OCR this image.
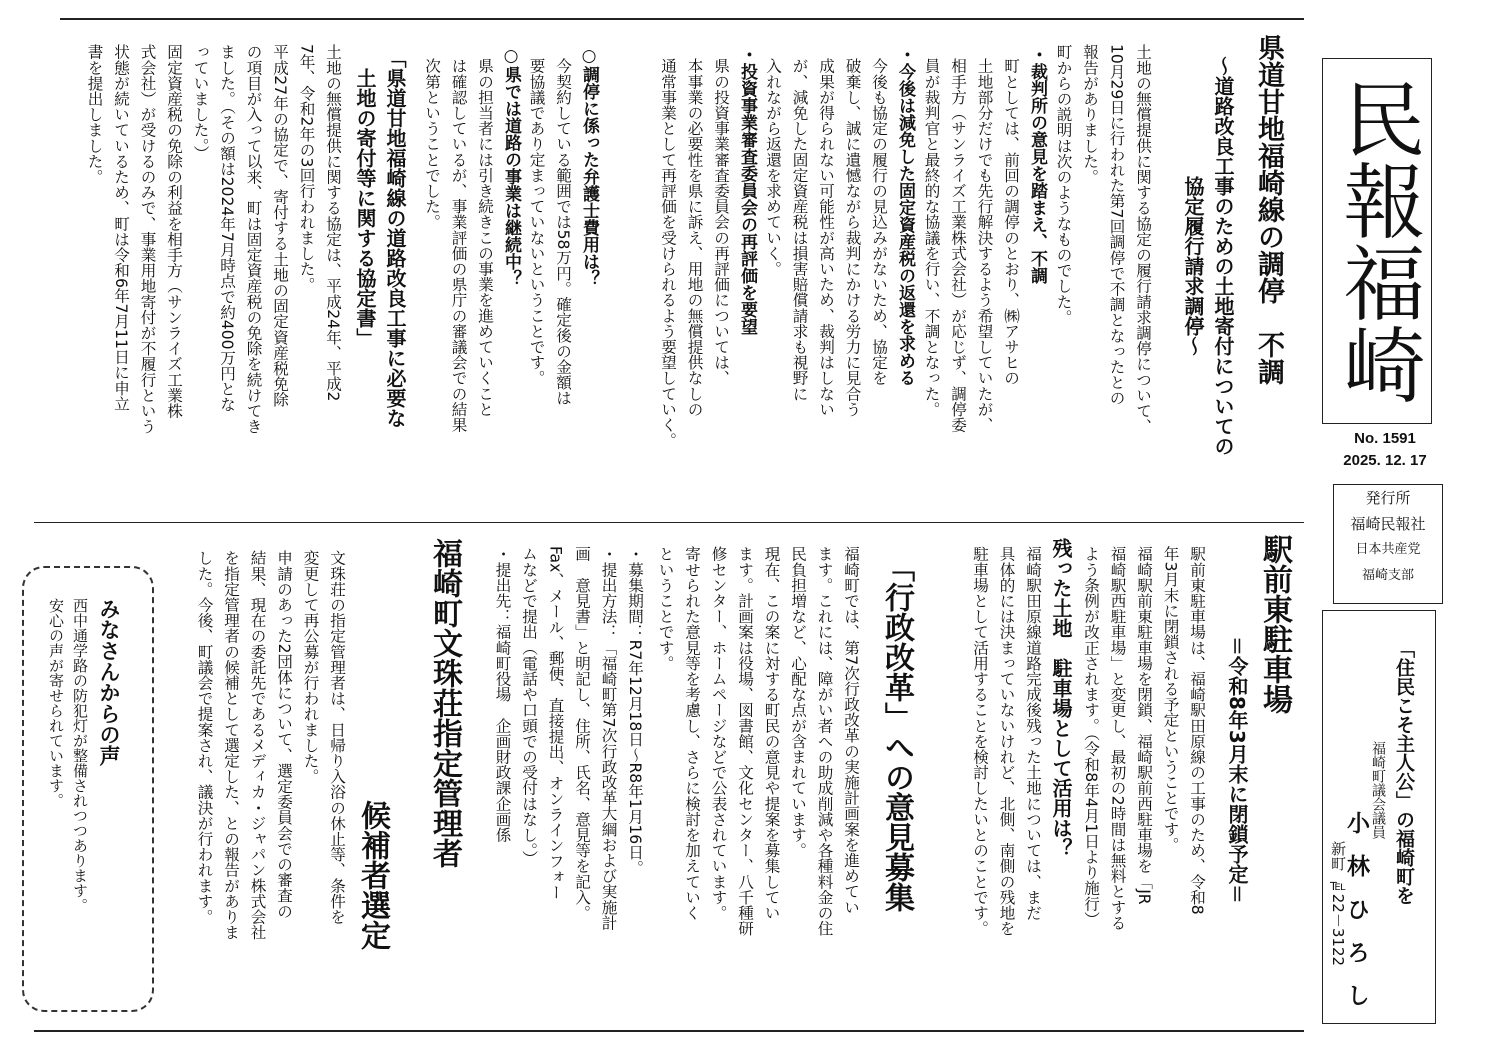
民報福崎
No. 1591
2025. 12. 17
発行所
福崎民報社
日本共産党
福崎支部
「住民こそ主人公」の福崎町を
福崎町議会議員
小 林 ひ ろ し
新町 ℡22－3122
県道甘地福崎線の調停　不調
～道路改良工事のための土地寄付についての
　　　　　　協定履行請求調停～
土地の無償提供に関する協定の履行請求調停について、
10月29日に行われた第7回調停で不調となったとの
報告がありました。
町からの説明は次のようなものでした。
・裁判所の意見を踏まえ、不調
町としては、前回の調停のとおり、㈱アサヒの
土地部分だけでも先行解決するよう希望していたが、
相手方（サンライズ工業株式会社）が応じず、調停委
員が裁判官と最終的な協議を行い、不調となった。
・今後は減免した固定資産税の返還を求める
今後も協定の履行の見込みがないため、協定を
破棄し、誠に遺憾ながら裁判にかける労力に見合う
成果が得られない可能性が高いため、裁判はしない
が、減免した固定資産税は損害賠償請求も視野に
入れながら返還を求めていく。
・投資事業審査委員会の再評価を要望
県の投資事業審査委員会の再評価については、
本事業の必要性を県に訴え、用地の無償提供なしの
通常事業として再評価を受けられるよう要望していく。
○調停に係った弁護士費用は？
今契約している範囲では58万円。確定後の金額は
要協議であり定まっていないということです。
○県では道路の事業は継続中？
県の担当者には引き続きこの事業を進めていくこと
は確認しているが、事業評価の県庁の審議会での結果
次第ということでした。
「県道甘地福崎線の道路改良工事に必要な
　土地の寄付等に関する協定書」
土地の無償提供に関する協定は、平成24年、平成2
7年、令和2年の3回行われました。
平成27年の協定で、寄付する土地の固定資産税免除
の項目が入って以来、町は固定資産税の免除を続けてき
ました。（その額は2024年7月時点で約400万円とな
っていました。）
固定資産税の免除の利益を相手方（サンライズ工業株
式会社）が受けるのみで、事業用地寄付が不履行という
状態が続いているため、町は令和6年7月11日に申立
書を提出しました。
駅前東駐車場
＝令和8年3月末に閉鎖予定＝
駅前東駐車場は、福崎駅田原線の工事のため、令和8
年3月末に閉鎖される予定ということです。
福崎駅前東駐車場を閉鎖、福崎駅前西駐車場を「JR
福崎駅西駐車場」と変更し、最初の2時間は無料とする
よう条例が改正されます。（令和8年4月1日より施行）
残った土地　駐車場として活用は？
福崎駅田原線道路完成後残った土地については、まだ
具体的には決まっていないけれど、北側、南側の残地を
駐車場として活用することを検討したいとのことです。
「行政改革」への意見募集
福崎町では、第7次行政改革の実施計画案を進めてい
ます。これには、障がい者への助成削減や各種料金の住
民負担増など、心配な点が含まれています。
現在、この案に対する町民の意見や提案を募集してい
ます。計画案は役場、図書館、文化センター、八千種研
修センター、ホームページなどで公表されています。
寄せられた意見等を考慮し、さらに検討を加えていく
ということです。
・募集期間：R7年12月18日～R8年1月16日。
・提出方法：「福崎町第7次行政改革大綱および実施計
画　意見書」と明記し、住所、氏名、意見等を記入。
Fax、メール、郵便、直接提出、オンラインフォー
ムなどで提出（電話や口頭での受付はなし。）
・提出先：福崎町役場　企画財政課企画係
福崎町文珠荘指定管理者
候補者選定
文珠荘の指定管理者は、日帰り入浴の休止等、条件を
変更して再公募が行われました。
申請のあった2団体について、選定委員会での審査の
結果、現在の委託先であるメディカ・ジャパン株式会社
を指定管理者の候補として選定した、との報告がありま
した。今後、町議会で提案され、議決が行われます。
みなさんからの声
西中通学路の防犯灯が整備されつつあります。
安心の声が寄せられています。
